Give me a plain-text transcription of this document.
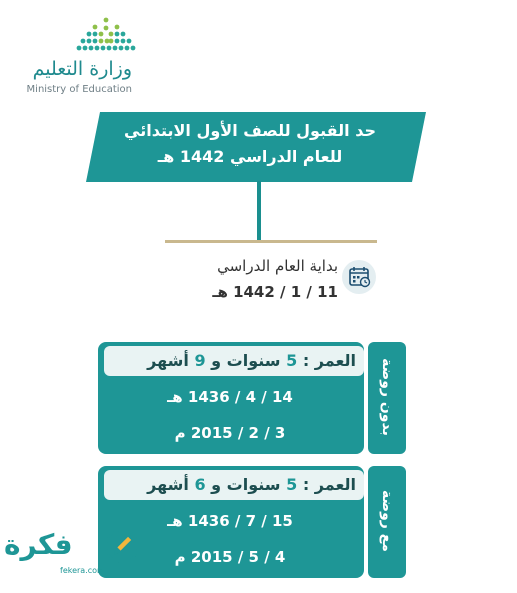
وزارة التعليم
Ministry of Education
حد القبول للصف الأول الابتدائي
للعام الدراسي 1442 هـ
بداية العام الدراسي
11 / 1 / 1442 هـ
العمر : 5 سنوات و 9 أشهر
14 / 4 / 1436 هـ
3 / 2 / 2015 م	بدون روضة
العمر : 5 سنوات و 6 أشهر
15 / 7 / 1436 هـ
4 / 5 / 2015 م
مع روضة
فكرة
fekera.com
